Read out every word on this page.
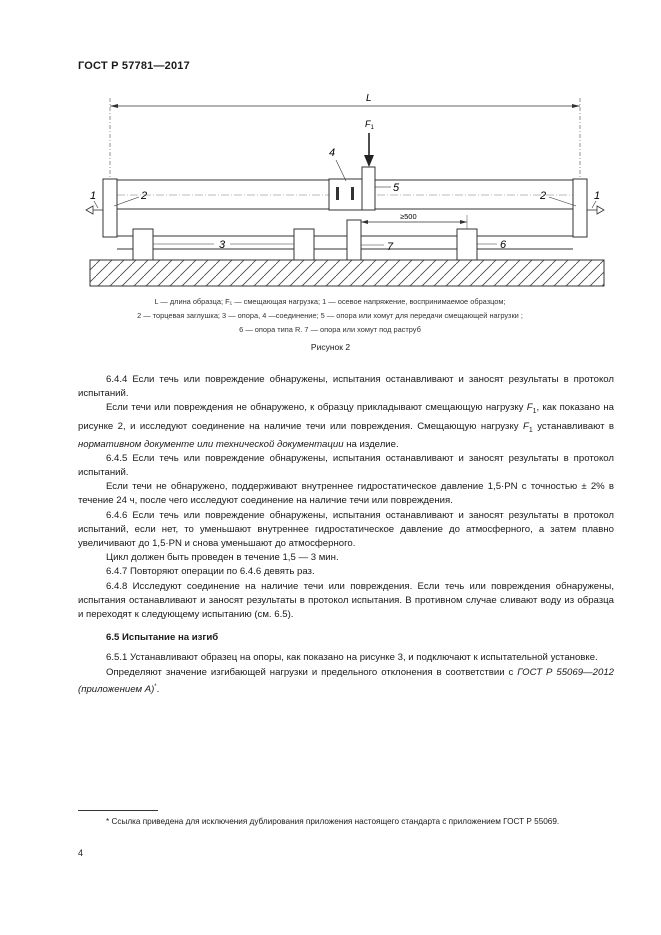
ГОСТ Р 57781—2017
L
$F_1$
≥500
1	2	1
2
3
4
5
6
7
L — длина образца; F₁ — смещающая нагрузка; 1 — осевое напряжение, воспринимаемое образцом;
2 — торцевая заглушка; 3 — опора, 4 —соединение; 5 — опора или хомут для передачи смещающей нагрузки ;
6 — опора типа R. 7 — опора или хомут под раструб
Рисунок 2

6.4.4 Если течь или повреждение обнаружены, испытания останавливают и заносят результаты в протокол испытаний.

Если течи или повреждения не обнаружено, к образцу прикладывают смещающую нагрузку $F_1$, как показано на рисунке 2, и исследуют соединение на наличие течи или повреждения. Смещающую нагрузку $F_1$ устанавливают в нормативном документе или технической документации на изделие.

6.4.5 Если течь или повреждение обнаружены, испытания останавливают и заносят результаты в протокол испытаний.

Если течи не обнаружено, поддерживают внутреннее гидростатическое давление 1,5·PN с точностью ± 2% в течение 24 ч, после чего исследуют соединение на наличие течи или повреждения.

6.4.6 Если течь или повреждение обнаружены, испытания останавливают и заносят результаты в протокол испытаний, если нет, то уменьшают внутреннее гидростатическое давление до атмосферного, а затем плавно увеличивают до 1,5·PN и снова уменьшают до атмосферного.

Цикл должен быть проведен в течение 1,5 — 3 мин.

6.4.7 Повторяют операции по 6.4.6 девять раз.

6.4.8 Исследуют соединение на наличие течи или повреждения. Если течь или повреждения обнаружены, испытания останавливают и заносят результаты в протокол испытания. В противном случае сливают воду из образца и переходят к следующему испытанию (см. 6.5).

6.5 Испытание на изгиб

6.5.1 Устанавливают образец на опоры, как показано на рисунке 3, и подключают к испытательной установке.

Определяют значение изгибающей нагрузки и предельного отклонения в соответствии с ГОСТ Р 55069—2012 (приложением А)*.

* Ссылка приведена для исключения дублирования приложения настоящего стандарта с приложением ГОСТ Р 55069.
4
